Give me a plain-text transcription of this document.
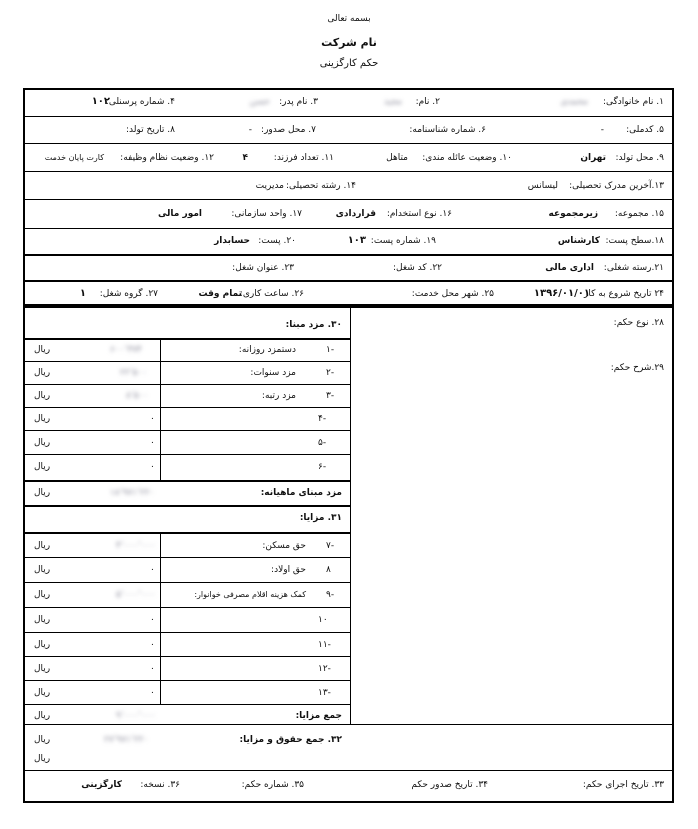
بسمه تعالی
نام شرکت
حکم کارگزینی
۱. نام خانوادگی:
محمدی
۲. نام:
مجید
۳. نام پدر:
حسن
۴. شماره پرسنلی:
۱۰۲
۵. کدملی:
-
۶. شماره شناسنامه:
۷. محل صدور:
-
۸. تاریخ تولد:
۹. محل تولد:
تهران
۱۰. وضعیت عائله مندی:
متاهل
۱۱. تعداد فرزند:
۴
۱۲. وضعیت نظام وظیفه:
کارت پایان خدمت
۱۳.آخرین مدرک تحصیلی:
لیسانس
۱۴. رشته تحصیلی:
مدیریت
۱۵. مجموعه:
زیرمجموعه
۱۶. نوع استخدام:
قراردادی
۱۷. واحد سازمانی:
امور مالی
۱۸.سطح پست:
کارشناس
۱۹. شماره پست:
۱۰۳
۲۰. پست:
حسابدار
۲۱.رسته شغلی:
اداری مالی
۲۲. کد شغل:
۲۳. عنوان شغل:
۲۴ تاریخ شروع به کار
۱۳۹۶/۰۱/۰۱
۲۵. شهر محل خدمت:
۲۶. ساعت کاری:
تمام وقت
۲۷. گروه شغل:
۱
۲۸. نوع حکم:
۲۹.شرح حکم:
۳۰. مزد مبنا:
۱-
دستمزد روزانه:
۶۰۰٬۳۷۴
ریال
۲-
مزد سنوات:
۲۲٬۵۰۰
ریال
۳-
مزد رتبه:
۸٬۵۰۰
ریال
۴-
۰
ریال
۵-
۰
ریال
۶-
۰
ریال
مزد مبنای ماهیانه:
۱۸٬۹۷۱٬۲۲۰
ریال
۳۱. مزایا:
۷-
حق مسکن:
۴٬۰۰۰٬۰۰۰
ریال
۸
حق اولاد:
۰
ریال
۹-
کمک هزینه اقلام مصرفی خوانوار:
۵٬۰۰۰٬۰۰۰
ریال
۱۰
۰
ریال
۱۱-
۰
ریال
۱۲-
۰
ریال
۱۳-
۰
ریال
جمع مزایا:
۹٬۰۰۰٬۰۰۰
ریال
۳۲. جمع حقوق و مزایا:
۲۷٬۹۷۱٬۲۲۰
ریال
ریال
۳۳. تاریخ اجرای حکم:
۳۴. تاریخ صدور حکم
۳۵. شماره حکم:
۳۶. نسخه:
کارگزینی
